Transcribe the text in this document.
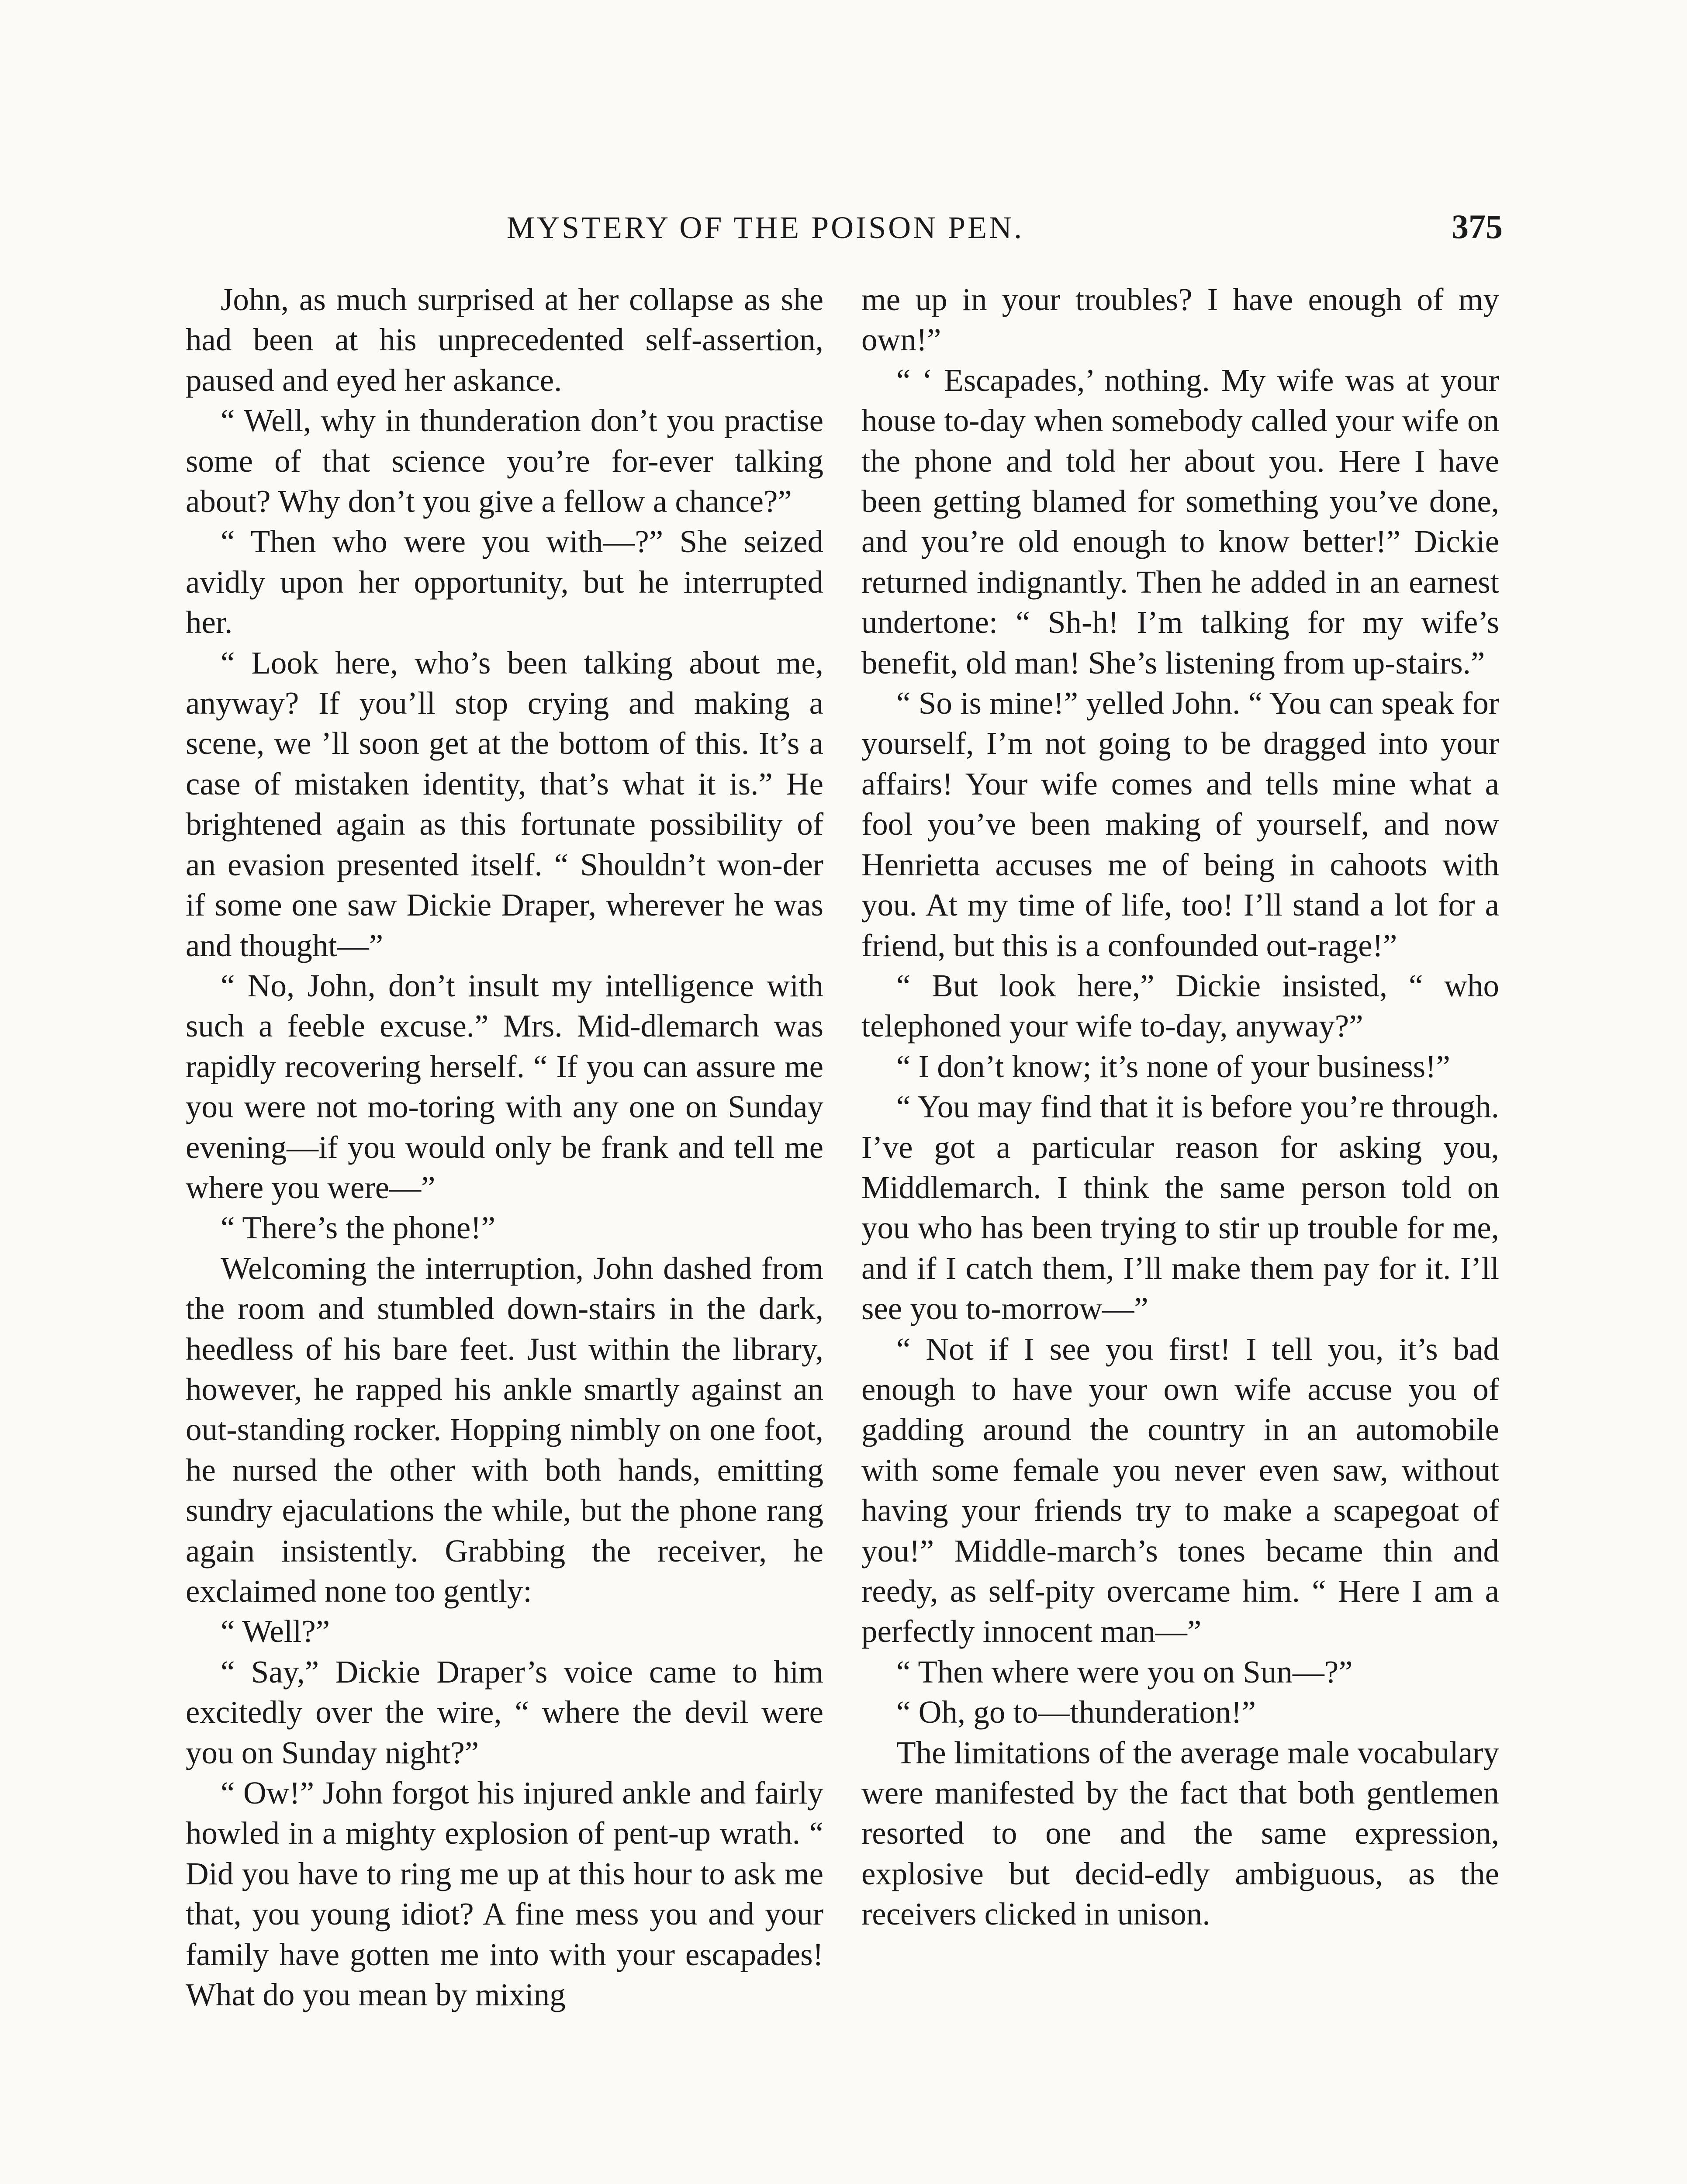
MYSTERY OF THE POISON PEN.	375

John, as much surprised at her collapse as she had been at his unprecedented self-assertion, paused and eyed her askance.

“ Well, why in thunderation don’t you practise some of that science you’re for-ever talking about? Why don’t you give a fellow a chance?”

“ Then who were you with—?” She seized avidly upon her opportunity, but he interrupted her.

“ Look here, who’s been talking about me, anyway? If you’ll stop crying and making a scene, we ’ll soon get at the bottom of this. It’s a case of mistaken identity, that’s what it is.” He brightened again as this fortunate possibility of an evasion presented itself. “ Shouldn’t won-der if some one saw Dickie Draper, wherever he was and thought—”

“ No, John, don’t insult my intelligence with such a feeble excuse.” Mrs. Mid-dlemarch was rapidly recovering herself. “ If you can assure me you were not mo-toring with any one on Sunday evening—if you would only be frank and tell me where you were—”

“ There’s the phone!”

Welcoming the interruption, John dashed from the room and stumbled down-stairs in the dark, heedless of his bare feet. Just within the library, however, he rapped his ankle smartly against an out-standing rocker. Hopping nimbly on one foot, he nursed the other with both hands, emitting sundry ejaculations the while, but the phone rang again insistently. Grabbing the receiver, he exclaimed none too gently:

“ Well?”

“ Say,” Dickie Draper’s voice came to him excitedly over the wire, “ where the devil were you on Sunday night?”

“ Ow!” John forgot his injured ankle and fairly howled in a mighty explosion of pent-up wrath. “ Did you have to ring me up at this hour to ask me that, you young idiot? A fine mess you and your family have gotten me into with your escapades! What do you mean by mixing

me up in your troubles? I have enough of my own!”

“ ‘ Escapades,’ nothing. My wife was at your house to-day when somebody called your wife on the phone and told her about you. Here I have been getting blamed for something you’ve done, and you’re old enough to know better!” Dickie returned indignantly. Then he added in an earnest undertone: “ Sh-h! I’m talking for my wife’s benefit, old man! She’s listening from up-stairs.”

“ So is mine!” yelled John. “ You can speak for yourself, I’m not going to be dragged into your affairs! Your wife comes and tells mine what a fool you’ve been making of yourself, and now Henrietta accuses me of being in cahoots with you. At my time of life, too! I’ll stand a lot for a friend, but this is a confounded out-rage!”

“ But look here,” Dickie insisted, “ who telephoned your wife to-day, anyway?”

“ I don’t know; it’s none of your business!”

“ You may find that it is before you’re through. I’ve got a particular reason for asking you, Middlemarch. I think the same person told on you who has been trying to stir up trouble for me, and if I catch them, I’ll make them pay for it. I’ll see you to-morrow—”

“ Not if I see you first! I tell you, it’s bad enough to have your own wife accuse you of gadding around the country in an automobile with some female you never even saw, without having your friends try to make a scapegoat of you!” Middle-march’s tones became thin and reedy, as self-pity overcame him. “ Here I am a perfectly innocent man—”

“ Then where were you on Sun—?”

“ Oh, go to—thunderation!”

The limitations of the average male vocabulary were manifested by the fact that both gentlemen resorted to one and the same expression, explosive but decid-edly ambiguous, as the receivers clicked in unison.
